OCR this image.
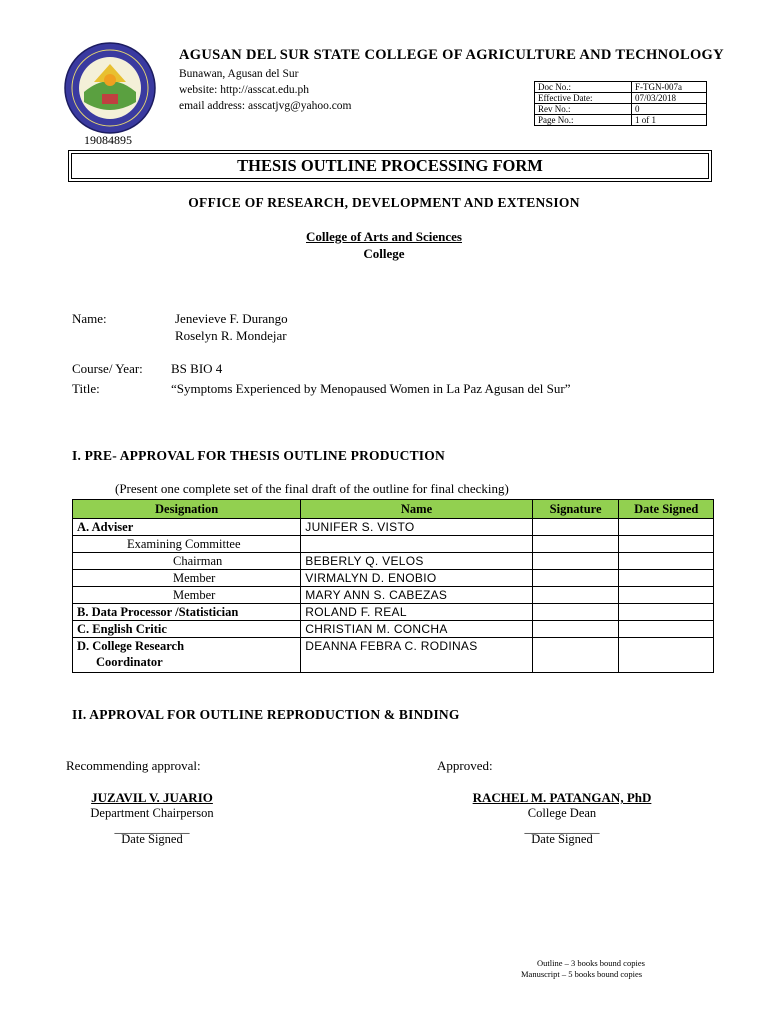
AGUSAN DEL SUR STATE COLLEGE OF AGRICULTURE AND TECHNOLOGY
Bunawan, Agusan del Sur
website: http://asscat.edu.ph
email address: asscatjvg@yahoo.com
19084895
Doc No.:	F-TGN-007a
Effective Date:	07/03/2018
Rev No.:	0
Page No.:	1 of 1
THESIS OUTLINE PROCESSING FORM
OFFICE OF RESEARCH, DEVELOPMENT AND EXTENSION
College of Arts and Sciences
College
Name:	Jenevieve F. Durango
Roselyn R. Mondejar
Course/ Year: BS BIO 4
Title:	“Symptoms Experienced by Menopaused Women in La Paz Agusan del Sur”
I. PRE- APPROVAL FOR THESIS OUTLINE PRODUCTION
(Present one complete set of the final draft of the outline for final checking)
Designation	Name	Signature	Date Signed
A. Adviser	JUNIFER S. VISTO		
Examining Committee			
Chairman	BEBERLY Q. VELOS		
Member	VIRMALYN D. ENOBIO		
Member	MARY ANN S. CABEZAS		
B. Data Processor /Statistician	ROLAND F. REAL		
C. English Critic	CHRISTIAN M. CONCHA		

D. College Research
Coordinator	DEANNA FEBRA C. RODINAS		
II. APPROVAL FOR OUTLINE REPRODUCTION & BINDING
Recommending approval:	Approved:
JUZAVIL V. JUARIO
Department Chairperson
____________
Date Signed
RACHEL M. PATANGAN, PhD
College Dean
____________
Date Signed
Outline – 3 books bound copies
Manuscript – 5 books bound copies
